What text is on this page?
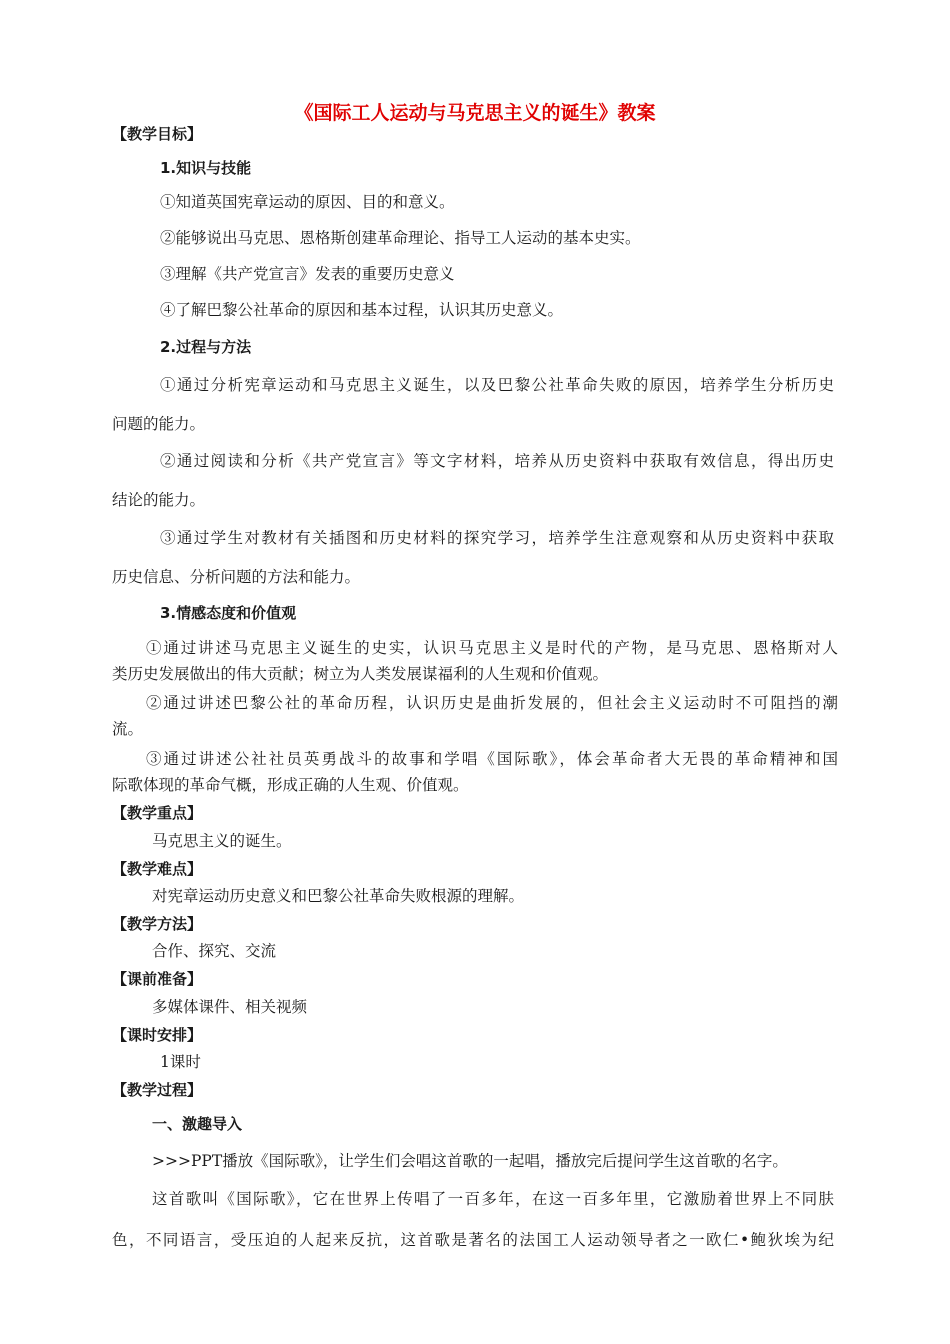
《国际工人运动与马克思主义的诞生》教案
【教学目标】
1.知识与技能
①知道英国宪章运动的原因、目的和意义。
②能够说出马克思、恩格斯创建革命理论、指导工人运动的基本史实。
③理解《共产党宣言》发表的重要历史意义
④了解巴黎公社革命的原因和基本过程，认识其历史意义。
2.过程与方法
①通过分析宪章运动和马克思主义诞生，以及巴黎公社革命失败的原因，培养学生分析历史
问题的能力。
②通过阅读和分析《共产党宣言》等文字材料，培养从历史资料中获取有效信息，得出历史
结论的能力。
③通过学生对教材有关插图和历史材料的探究学习，培养学生注意观察和从历史资料中获取
历史信息、分析问题的方法和能力。
3.情感态度和价值观
①通过讲述马克思主义诞生的史实，认识马克思主义是时代的产物，是马克思、恩格斯对人
类历史发展做出的伟大贡献；树立为人类发展谋福利的人生观和价值观。
②通过讲述巴黎公社的革命历程，认识历史是曲折发展的，但社会主义运动时不可阻挡的潮
流。
③通过讲述公社社员英勇战斗的故事和学唱《国际歌》，体会革命者大无畏的革命精神和国
际歌体现的革命气概，形成正确的人生观、价值观。
【教学重点】
马克思主义的诞生。
【教学难点】
对宪章运动历史意义和巴黎公社革命失败根源的理解。
【教学方法】
合作、探究、交流
【课前准备】
多媒体课件、相关视频
【课时安排】
1课时
【教学过程】
一、激趣导入
>>>PPT播放《国际歌》，让学生们会唱这首歌的一起唱，播放完后提问学生这首歌的名字。
这首歌叫《国际歌》，它在世界上传唱了一百多年，在这一百多年里，它激励着世界上不同肤
色，不同语言，受压迫的人起来反抗，这首歌是著名的法国工人运动领导者之一欧仁•鲍狄埃为纪
